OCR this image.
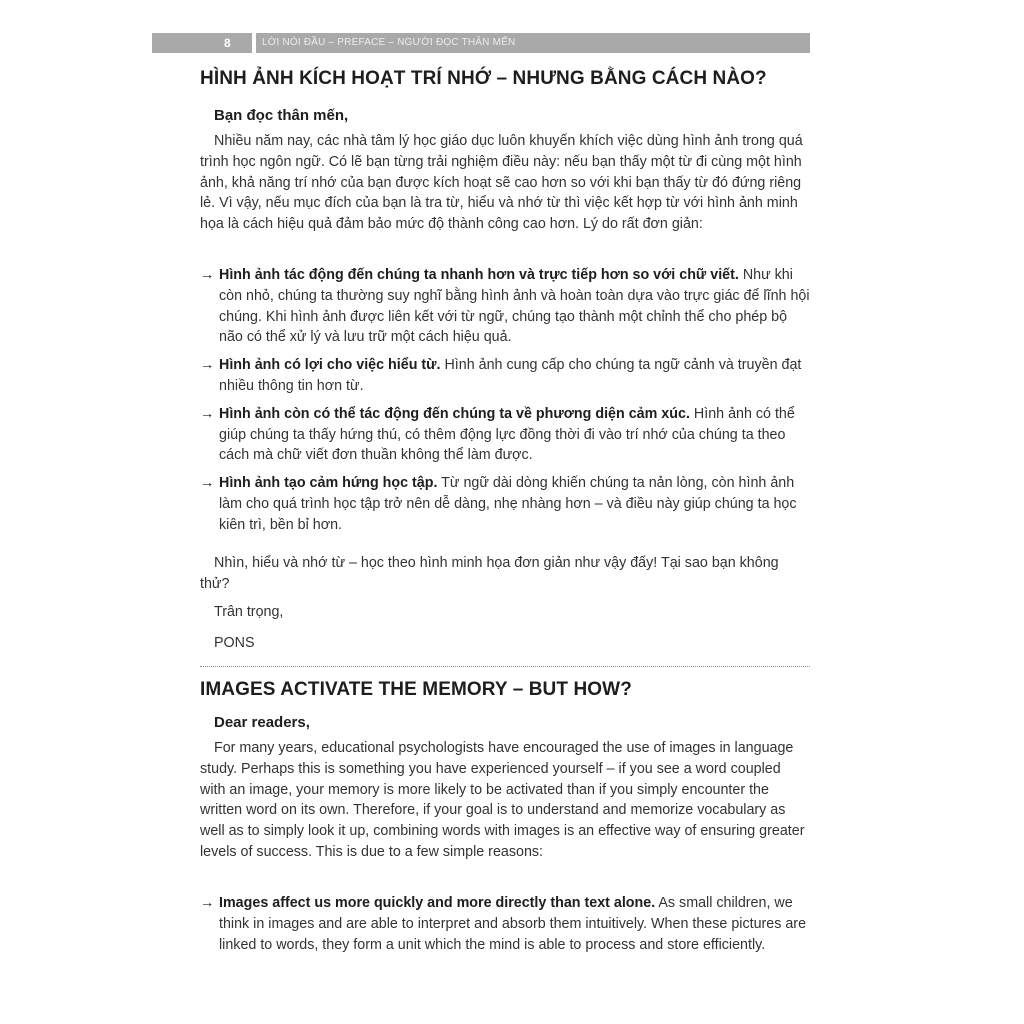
8	LỜI NÓI ĐẦU – PREFACE – NGƯỜI ĐỌC THÂN MẾN
HÌNH ẢNH KÍCH HOẠT TRÍ NHỚ – NHƯNG BẰNG CÁCH NÀO?
Bạn đọc thân mến,

Nhiều năm nay, các nhà tâm lý học giáo dục luôn khuyến khích việc dùng hình ảnh trong quá trình học ngôn ngữ. Có lẽ bạn từng trải nghiệm điều này: nếu bạn thấy một từ đi cùng một hình ảnh, khả năng trí nhớ của bạn được kích hoạt sẽ cao hơn so với khi bạn thấy từ đó đứng riêng lẻ. Vì vậy, nếu mục đích của bạn là tra từ, hiểu và nhớ từ thì việc kết hợp từ với hình ảnh minh họa là cách hiệu quả đảm bảo mức độ thành công cao hơn. Lý do rất đơn giản:

→ Hình ảnh tác động đến chúng ta nhanh hơn và trực tiếp hơn so với chữ viết. Như khi còn nhỏ, chúng ta thường suy nghĩ bằng hình ảnh và hoàn toàn dựa vào trực giác để lĩnh hội chúng. Khi hình ảnh được liên kết với từ ngữ, chúng tạo thành một chỉnh thể cho phép bộ não có thể xử lý và lưu trữ một cách hiệu quả.
→ Hình ảnh có lợi cho việc hiểu từ. Hình ảnh cung cấp cho chúng ta ngữ cảnh và truyền đạt nhiều thông tin hơn từ.
→ Hình ảnh còn có thể tác động đến chúng ta về phương diện cảm xúc. Hình ảnh có thể giúp chúng ta thấy hứng thú, có thêm động lực đồng thời đi vào trí nhớ của chúng ta theo cách mà chữ viết đơn thuần không thể làm được.
→ Hình ảnh tạo cảm hứng học tập. Từ ngữ dài dòng khiến chúng ta nản lòng, còn hình ảnh làm cho quá trình học tập trở nên dễ dàng, nhẹ nhàng hơn – và điều này giúp chúng ta học kiên trì, bền bỉ hơn.

Nhìn, hiểu và nhớ từ – học theo hình minh họa đơn giản như vậy đấy! Tại sao bạn không thử?

Trân trọng,
PONS
IMAGES ACTIVATE THE MEMORY – BUT HOW?
Dear readers,

For many years, educational psychologists have encouraged the use of images in language study. Perhaps this is something you have experienced yourself – if you see a word coupled with an image, your memory is more likely to be activated than if you simply encounter the written word on its own. Therefore, if your goal is to understand and memorize vocabulary as well as to simply look it up, combining words with images is an effective way of ensuring greater levels of success. This is due to a few simple reasons:

→ Images affect us more quickly and more directly than text alone. As small children, we think in images and are able to interpret and absorb them intuitively. When these pictures are linked to words, they form a unit which the mind is able to process and store efficiently.
